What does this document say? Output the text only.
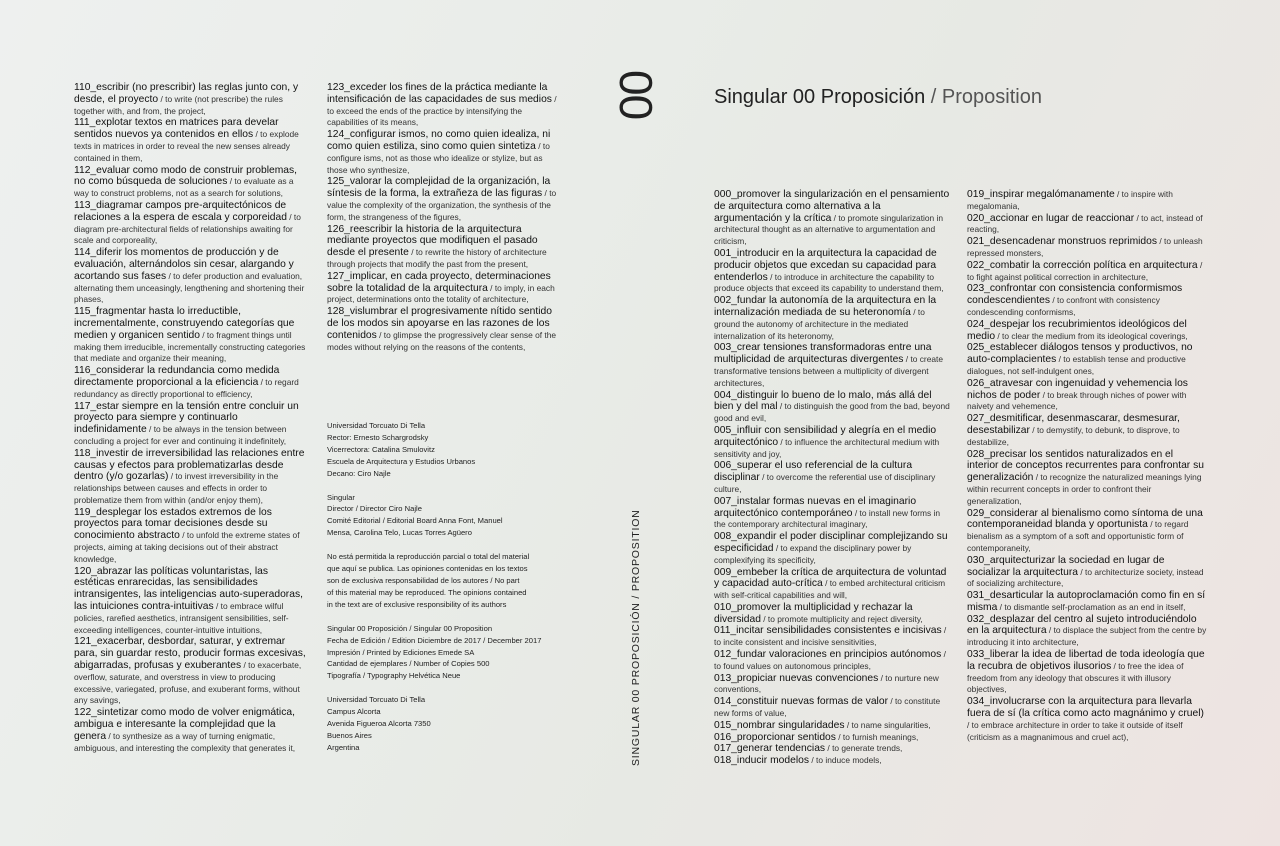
00	Singular 00 Proposición / Proposition
SINGULAR 00 PROPOSICIÓN / PROPOSITION

110_escribir (no prescribir) las reglas junto con, y desde, el proyecto / to write (not prescribe) the rules together with, and from, the project,

111_explotar textos en matrices para develar sentidos nuevos ya contenidos en ellos / to explode texts in matrices in order to reveal the new senses already contained in them,

112_evaluar como modo de construir problemas, no como búsqueda de soluciones / to evaluate as a way to construct problems, not as a search for solutions,

113_diagramar campos pre-arquitectónicos de relaciones a la espera de escala y corporeidad / to diagram pre-architectural fields of relationships awaiting for scale and corporeality,

114_diferir los momentos de producción y de evaluación, alternándolos sin cesar, alargando y acortando sus fases / to defer production and evaluation, alternating them unceasingly, lengthening and shortening their phases,

115_fragmentar hasta lo irreductible, incrementalmente, construyendo categorías que medien y organicen sentido / to fragment things until making them irreducible, incrementally constructing categories that mediate and organize their meaning,

116_considerar la redundancia como medida directamente proporcional a la eficiencia / to regard redundancy as directly proportional to efficiency,

117_estar siempre en la tensión entre concluir un proyecto para siempre y continuarlo indefinidamente / to be always in the tension between concluding a project for ever and continuing it indefinitely,

118_investir de irreversibilidad las relaciones entre causas y efectos para problematizarlas desde dentro (y/o gozarlas) / to invest irreversibility in the relationships between causes and effects in order to problematize them from within (and/or enjoy them),

119_desplegar los estados extremos de los proyectos para tomar decisiones desde su conocimiento abstracto / to unfold the extreme states of projects, aiming at taking decisions out of their abstract knowledge,

120_abrazar las políticas voluntaristas, las estéticas enrarecidas, las sensibilidades intransigentes, las inteligencias auto-superadoras, las intuiciones contra-intuitivas / to embrace wilful policies, rarefied aesthetics, intransigent sensibilities, self-exceeding intelligences, counter-intuitive intuitions,

121_exacerbar, desbordar, saturar, y extremar para, sin guardar resto, producir formas excesivas, abigarradas, profusas y exuberantes / to exacerbate, overflow, saturate, and overstress in view to producing excessive, variegated, profuse, and exuberant forms, without any savings,

122_sintetizar como modo de volver enigmática, ambigua e interesante la complejidad que la genera / to synthesize as a way of turning enigmatic, ambiguous, and interesting the complexity that generates it,

123_exceder los fines de la práctica mediante la intensificación de las capacidades de sus medios / to exceed the ends of the practice by intensifying the capabilities of its means,

124_configurar ismos, no como quien idealiza, ni como quien estiliza, sino como quien sintetiza / to configure isms, not as those who idealize or stylize, but as those who synthesize,

125_valorar la complejidad de la organización, la síntesis de la forma, la extrañeza de las figuras / to value the complexity of the organization, the synthesis of the form, the strangeness of the figures,

126_reescribir la historia de la arquitectura mediante proyectos que modifiquen el pasado desde el presente / to rewrite the history of architecture through projects that modify the past from the present,

127_implicar, en cada proyecto, determinaciones sobre la totalidad de la arquitectura / to imply, in each project, determinations onto the totality of architecture,

128_vislumbrar el progresivamente nítido sentido de los modos sin apoyarse en las razones de los contenidos / to glimpse the progressively clear sense of the modes without relying on the reasons of the contents,

000_promover la singularización en el pensamiento de arquitectura como alternativa a la argumentación y la crítica / to promote singularization in architectural thought as an alternative to argumentation and criticism,

001_introducir en la arquitectura la capacidad de producir objetos que excedan su capacidad para entenderlos / to introduce in architecture the capability to produce objects that exceed its capability to understand them,

002_fundar la autonomía de la arquitectura en la internalización mediada de su heteronomía / to ground the autonomy of architecture in the mediated internalization of its heteronomy,

003_crear tensiones transformadoras entre una multiplicidad de arquitecturas divergentes / to create transformative tensions between a multiplicity of divergent architectures,

004_distinguir lo bueno de lo malo, más allá del bien y del mal / to distinguish the good from the bad, beyond good and evil,

005_influir con sensibilidad y alegría en el medio arquitectónico / to influence the architectural medium with sensitivity and joy,

006_superar el uso referencial de la cultura disciplinar / to overcome the referential use of disciplinary culture,

007_instalar formas nuevas en el imaginario arquitectónico contemporáneo / to install new forms in the contemporary architectural imaginary,

008_expandir el poder disciplinar complejizando su especificidad / to expand the disciplinary power by complexifying its specificity,

009_embeber la crítica de arquitectura de voluntad y capacidad auto-crítica / to embed architectural criticism with self-critical capabilities and will,

010_promover la multiplicidad y rechazar la diversidad / to promote multiplicity and reject diversity,

011_incitar sensibilidades consistentes e incisivas / to incite consistent and incisive sensitivities,

012_fundar valoraciones en principios autónomos / to found values on autonomous principles,

013_propiciar nuevas convenciones / to nurture new conventions,

014_constituir nuevas formas de valor / to constitute new forms of value,

015_nombrar singularidades / to name singularities,

016_proporcionar sentidos / to furnish meanings,

017_generar tendencias / to generate trends,

018_inducir modelos / to induce models,

019_inspirar megalómanamente / to inspire with megalomania,

020_accionar en lugar de reaccionar / to act, instead of reacting,

021_desencadenar monstruos reprimidos / to unleash repressed monsters,

022_combatir la corrección política en arquitectura / to fight against political correction in architecture,

023_confrontar con consistencia conformismos condescendientes / to confront with consistency condescending conformisms,

024_despejar los recubrimientos ideológicos del medio / to clear the medium from its ideological coverings,

025_establecer diálogos tensos y productivos, no auto-complacientes / to establish tense and productive dialogues, not self-indulgent ones,

026_atravesar con ingenuidad y vehemencia los nichos de poder / to break through niches of power with naivety and vehemence,

027_desmitificar, desenmascarar, desmesurar, desestabilizar / to demystify, to debunk, to disprove, to destabilize,

028_precisar los sentidos naturalizados en el interior de conceptos recurrentes para confrontar su generalización / to recognize the naturalized meanings lying within recurrent concepts in order to confront their generalization,

029_considerar al bienalismo como síntoma de una contemporaneidad blanda y oportunista / to regard bienalism as a symptom of a soft and opportunistic form of contemporaneity,

030_arquitecturizar la sociedad en lugar de socializar la arquitectura / to architecturize society, instead of socializing architecture,

031_desarticular la autoproclamación como fin en sí misma / to dismantle self-proclamation as an end in itself,

032_desplazar del centro al sujeto introduciéndolo en la arquitectura / to displace the subject from the centre by introducing it into architecture,

033_liberar la idea de libertad de toda ideología que la recubra de objetivos ilusorios / to free the idea of freedom from any ideology that obscures it with illusory objectives,

034_involucrarse con la arquitectura para llevarla fuera de sí (la crítica como acto magnánimo y cruel) / to embrace architecture in order to take it outside of itself (criticism as a magnanimous and cruel act),

Universidad Torcuato Di Tella
Rector: Ernesto Schargrodsky
Vicerrectora: Catalina Smulovitz
Escuela de Arquitectura y Estudios Urbanos
Decano: Ciro Najle
Singular
Director / Director Ciro Najle
Comité Editorial / Editorial Board Anna Font, Manuel
Mensa, Carolina Telo, Lucas Torres Agüero
No está permitida la reproducción parcial o total del material
que aquí se publica. Las opiniones contenidas en los textos
son de exclusiva responsabilidad de los autores / No part
of this material may be reproduced. The opinions contained
in the text are of exclusive responsibility of its authors
Singular 00 Proposición / Singular 00 Proposition
Fecha de Edición / Edition Diciembre de 2017 / December 2017
Impresión / Printed by Ediciones Emede SA
Cantidad de ejemplares / Number of Copies 500
Tipografía / Typography Helvética Neue
Universidad Torcuato Di Tella
Campus Alcorta
Avenida Figueroa Alcorta 7350
Buenos Aires
Argentina
